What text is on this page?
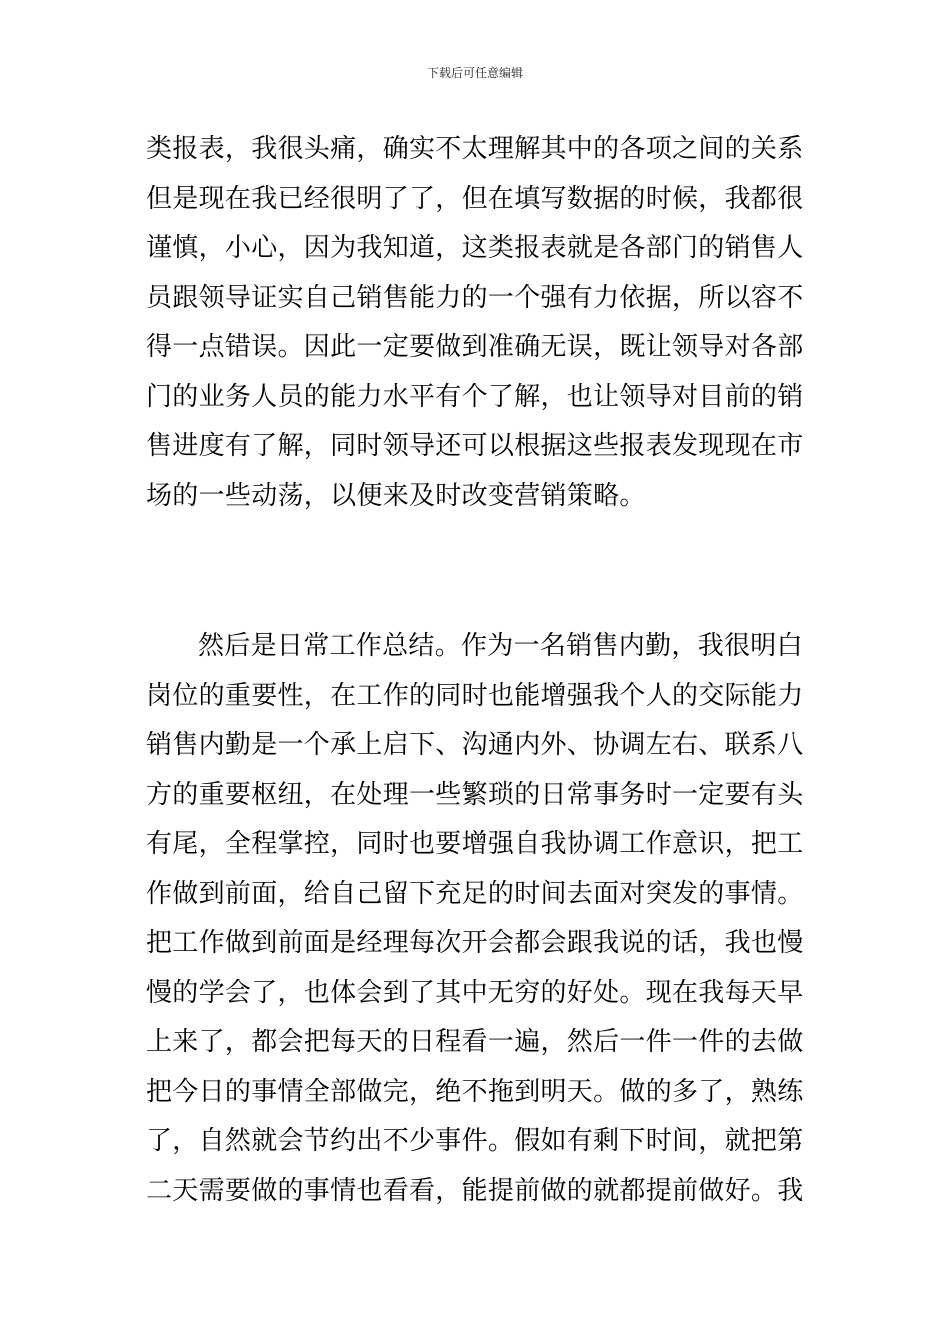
下载后可任意编辑

类报表，我很头痛，确实不太理解其中的各项之间的关系
但是现在我已经很明了了，但在填写数据的时候，我都很
谨慎，小心，因为我知道，这类报表就是各部门的销售人
员跟领导证实自己销售能力的一个强有力依据，所以容不
得一点错误。因此一定要做到准确无误，既让领导对各部
门的业务人员的能力水平有个了解，也让领导对目前的销
售进度有了解，同时领导还可以根据这些报表发现现在市
场的一些动荡，以便来及时改变营销策略。

然后是日常工作总结。作为一名销售内勤，我很明白
岗位的重要性，在工作的同时也能增强我个人的交际能力
销售内勤是一个承上启下、沟通内外、协调左右、联系八
方的重要枢纽，在处理一些繁琐的日常事务时一定要有头
有尾，全程掌控，同时也要增强自我协调工作意识，把工
作做到前面，给自己留下充足的时间去面对突发的事情。
把工作做到前面是经理每次开会都会跟我说的话，我也慢
慢的学会了，也体会到了其中无穷的好处。现在我每天早
上来了，都会把每天的日程看一遍，然后一件一件的去做
把今日的事情全部做完，绝不拖到明天。做的多了，熟练
了，自然就会节约出不少事件。假如有剩下时间，就把第
二天需要做的事情也看看，能提前做的就都提前做好。我
